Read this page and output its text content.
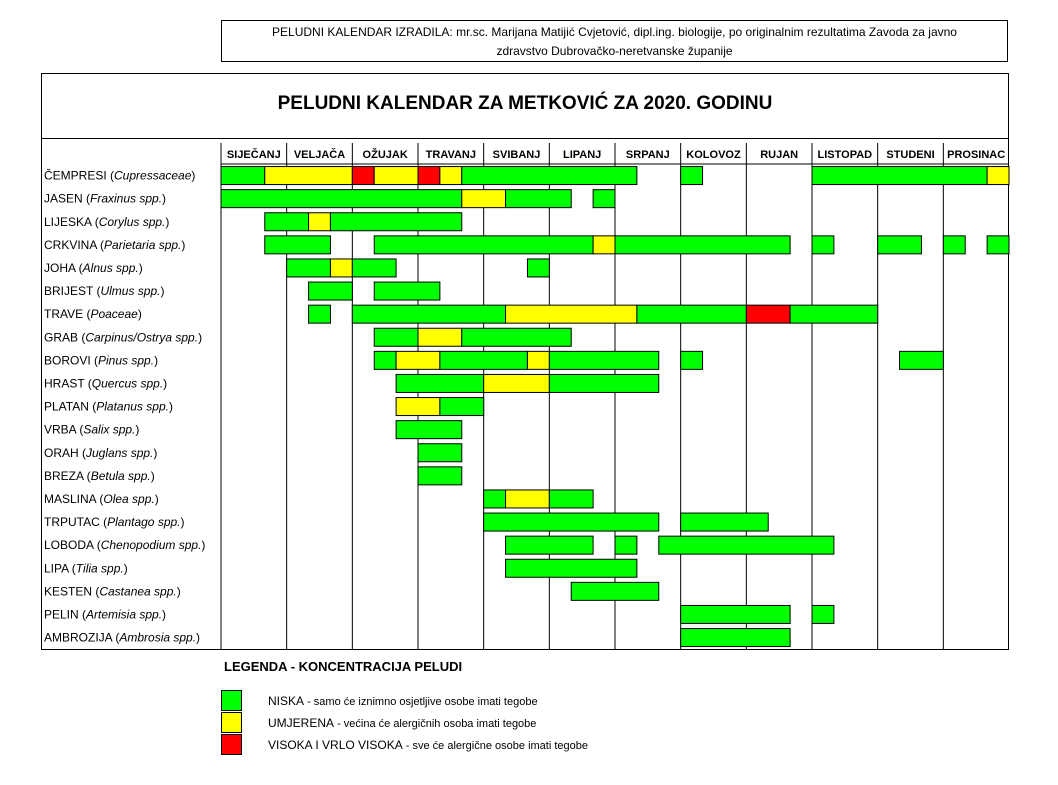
PELUDNI KALENDAR IZRADILA: mr.sc. Marijana Matijić Cvjetović, dipl.ing. biologije, po originalnim rezultatima Zavoda za javno
zdravstvo Dubrovačko-neretvanske županije
PELUDNI KALENDAR ZA METKOVIĆ ZA 2020. GODINU
SIJEČANJ VELJAČA OŽUJAK TRAVANJ SVIBANJ LIPANJ SRPANJ KOLOVOZ RUJAN LISTOPAD STUDENI PROSINAC
ČEMPRESI (Cupressaceae)
JASEN (Fraxinus spp.)
LIJESKA (Corylus spp.)
CRKVINA (Parietaria spp.)
JOHA (Alnus spp.)
BRIJEST (Ulmus spp.)
TRAVE (Poaceae)
GRAB (Carpinus/Ostrya spp.)
BOROVI (Pinus spp.)
HRAST (Quercus spp.)
PLATAN (Platanus spp.)
VRBA (Salix spp.)
ORAH (Juglans spp.)
BREZA (Betula spp.)
MASLINA (Olea spp.)
TRPUTAC (Plantago spp.)
LOBODA (Chenopodium spp.)
LIPA (Tilia spp.)
KESTEN (Castanea spp.)
PELIN (Artemisia spp.)
AMBROZIJA (Ambrosia spp.)
LEGENDA - KONCENTRACIJA PELUDI
NISKA - samo će iznimno osjetljive osobe imati tegobe
UMJERENA - većina će alergičnih osoba imati tegobe
VISOKA I VRLO VISOKA - sve će alergične osobe imati tegobe
